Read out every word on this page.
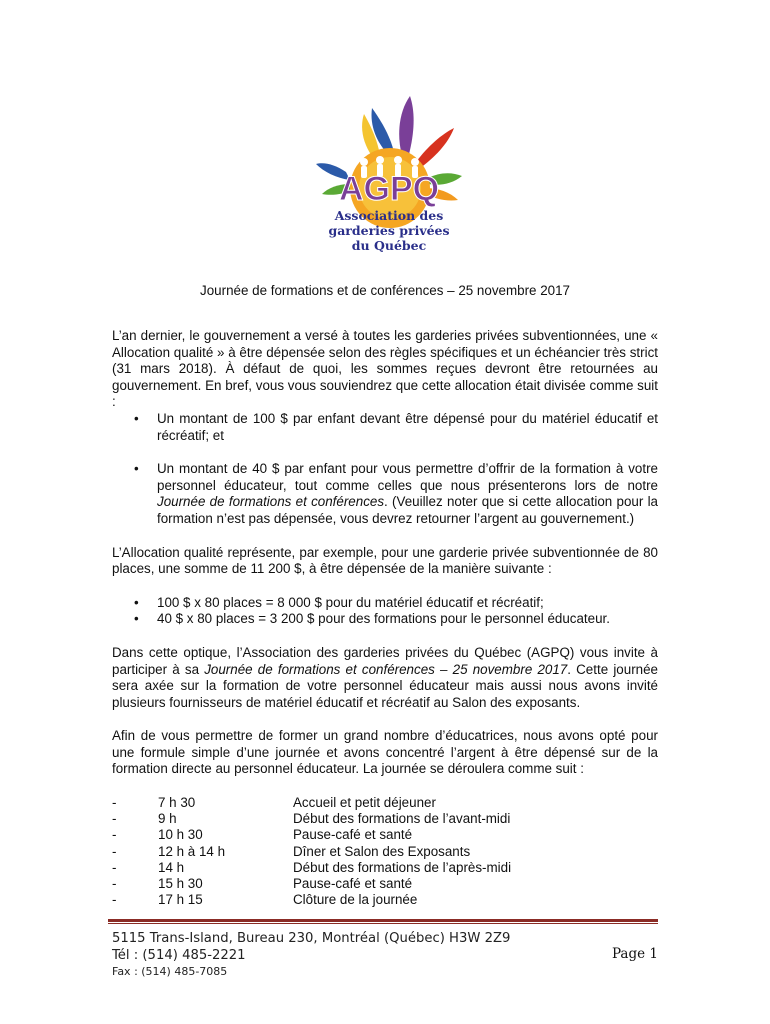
AGPQ
Association des
garderies privées
du Québec
Journée de formations et de conférences – 25 novembre 2017

L’an dernier, le gouvernement a versé à toutes les garderies privées subventionnées, une « Allocation qualité » à être dépensée selon des règles spécifiques et un échéancier très strict (31 mars 2018). À défaut de quoi, les sommes reçues devront être retournées au gouvernement. En bref, vous vous souviendrez que cette allocation était divisée comme suit :

• Un montant de 100 $ par enfant devant être dépensé pour du matériel éducatif et récréatif; et
• Un montant de 40 $ par enfant pour vous permettre d’offrir de la formation à votre personnel éducateur, tout comme celles que nous présenterons lors de notre Journée de formations et conférences. (Veuillez noter que si cette allocation pour la formation n’est pas dépensée, vous devrez retourner l’argent au gouvernement.)

L’Allocation qualité représente, par exemple, pour une garderie privée subventionnée de 80 places, une somme de 11 200 $, à être dépensée de la manière suivante :

• 100 $ x 80 places = 8 000 $ pour du matériel éducatif et récréatif;
• 40 $ x 80 places = 3 200 $ pour des formations pour le personnel éducateur.

Dans cette optique, l’Association des garderies privées du Québec (AGPQ) vous invite à participer à sa Journée de formations et conférences – 25 novembre 2017. Cette journée sera axée sur la formation de votre personnel éducateur mais aussi nous avons invité plusieurs fournisseurs de matériel éducatif et récréatif au Salon des exposants.

Afin de vous permettre de former un grand nombre d’éducatrices, nous avons opté pour une formule simple d’une journée et avons concentré l’argent à être dépensé sur de la formation directe au personnel éducateur. La journée se déroulera comme suit :

-	7 h 30	Accueil et petit déjeuner
-	9 h	Début des formations de l’avant-midi
-	10 h 30	Pause-café et santé
-	12 h à 14 h	Dîner et Salon des Exposants
-	14 h	Début des formations de l’après-midi
-	15 h 30	Pause-café et santé
-	17 h 15	Clôture de la journée
5115 Trans-Island, Bureau 230, Montréal (Québec) H3W 2Z9
Tél : (514) 485-2221
Fax : (514) 485-7085
Page 1
